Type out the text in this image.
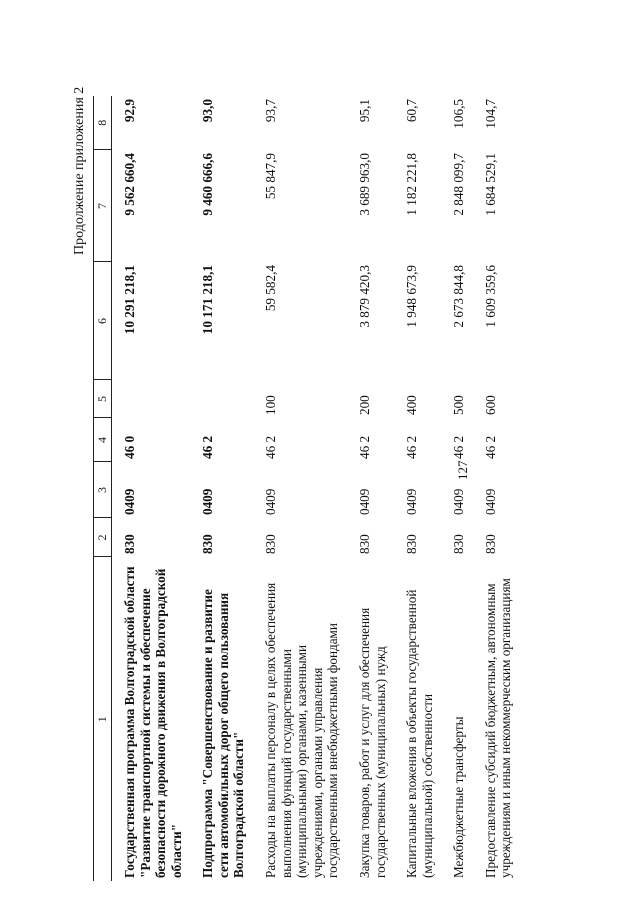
127
Продолжение приложения 2
1	2	3	4	5	6	7	8
Государственная программа Волгоградской области "Развитие транспортной системы и обеспечение безопасности дорожного движения в Волгоградской области"	830	0409	46 0		10 291 218,1	9 562 660,4	92,9
Подпрограмма "Совершенствование и развитие сети автомобильных дорог общего пользования Волгоградской области"	830	0409	46 2		10 171 218,1	9 460 666,6	93,0
Расходы на выплаты персоналу в целях обеспечения выполнения функций государственными (муниципальными) органами, казенными учреждениями, органами управления государственными внебюджетными фондами	830	0409	46 2	100	59 582,4	55 847,9	93,7
Закупка товаров, работ и услуг для обеспечения государственных (муниципальных) нужд	830	0409	46 2	200	3 879 420,3	3 689 963,0	95,1
Капитальные вложения в объекты государственной (муниципальной) собственности	830	0409	46 2	400	1 948 673,9	1 182 221,8	60,7
Межбюджетные трансферты	830	0409	46 2	500	2 673 844,8	2 848 099,7	106,5
Предоставление субсидий бюджетным, автономным учреждениям и иным некоммерческим организациям	830	0409	46 2	600	1 609 359,6	1 684 529,1	104,7
